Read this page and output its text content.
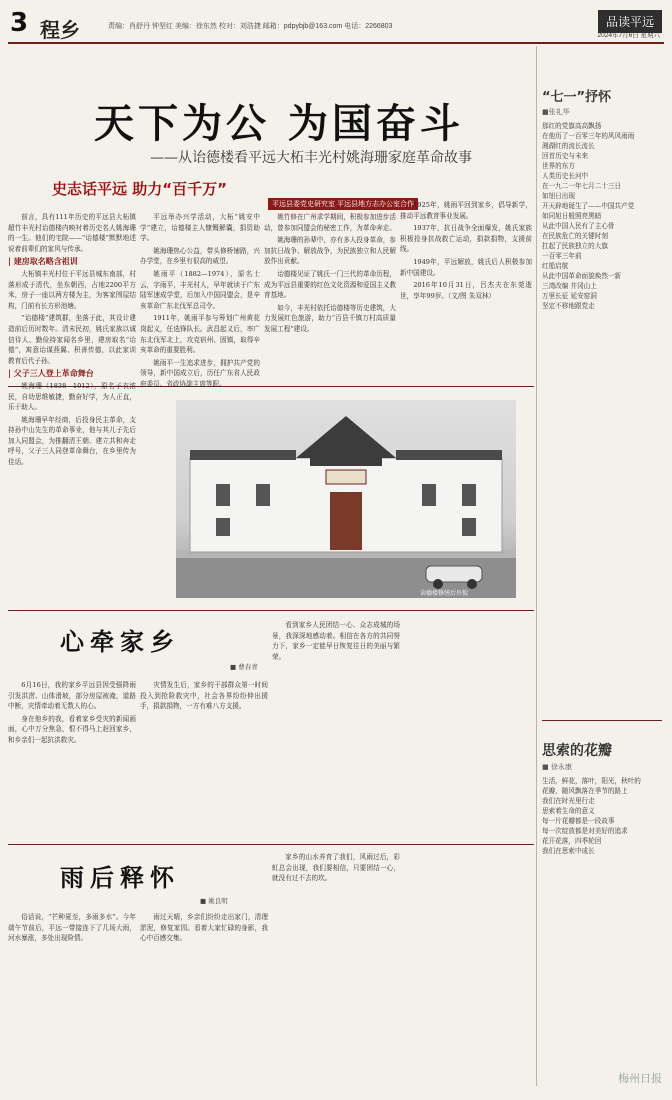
3 程乡	责编：肖舒丹 钟坚红 美编：徐东然 校对：刘浩捷 邮箱：pdpybjb@163.com 电话：2266803	品读平远
2024年7月6日 星期六
天下为公 为国奋斗
——从诒德楼看平远大柘丰光村姚海珊家庭革命故事
史志话平远 助力“百千万”
平远县委党史研究室 平远县地方志办公室合作

前言，具有111年历史的平远县大柘镇超竹丰光村诒德楼内映衬着历史名人姚海珊的一生。他们的宅院——“诒德楼”默默地述说着前辈们的家风与传承。

| 建房取名略含祖训

大柘镇丰光村位于平远县城东南部，村落形成于清代，坐东朝西，占地2200平方米，房子一座以两方楼为主，为客家围屋结构，门前有长方形池塘。

“诒德楼”建筑群，坐落于此，其设计建造前后历时数年。清末民初，姚氏家族以诚信待人、勤俭持家闻名乡里，建房取名“诒德”，寓意诒谋燕翼、积善传德，以此家训教育后代子孙。

| 父子三人登上革命舞台

姚海珊（1838—1912），原名子衣浓民，自幼思维敏捷，勤奋好学，为人正直，乐于助人。

姚海珊早年经商，后投身民主革命，支持孙中山先生的革命事业，他与其儿子先后加入同盟会，为推翻清王朝、建立共和奔走呼号，父子三人同登革命舞台，在乡里传为佳话。

平远举办兴学活动，大柘“姚安中学”建立，诒德楼主人慷慨解囊，捐资助学。

姚海珊热心公益，带头修桥铺路，兴办学堂，在乡里有很高的威望。

姚雨平（1882—1974），原名士云，字雨平，丰光村人，早年就读于广东陆军速成学堂，后加入中国同盟会，是辛亥革命广东北伐军总司令。

1911年，姚雨平参与筹划广州黄花岗起义，任选锋队长。武昌起义后，率广东北伐军北上，攻克宿州、固镇，取得辛亥革命的重要胜利。

姚雨平一生追求进步，拥护共产党的领导，新中国成立后，历任广东省人民政府委员、省政协副主席等职。

姚竹修在广州求学期间，积极参加进步活动，曾参加同盟会的秘密工作，为革命奔走。

姚海珊的孙辈中，亦有多人投身革命，参加抗日战争、解放战争，为民族独立和人民解放作出贡献。

诒德楼见证了姚氏一门三代的革命历程，成为平远县重要的红色文化资源和爱国主义教育基地。

如今，丰光村依托诒德楼等历史建筑，大力发展红色旅游，助力“百县千镇万村高质量发展工程”建设。

1925年，姚雨平回到家乡，倡导新学，推动平远教育事业发展。

1937年，抗日战争全面爆发，姚氏家族积极投身抗战救亡运动，捐款捐物，支援前线。

1949年，平远解放，姚氏后人积极参加新中国建设。

2016年10月31日，吕杰夫在东莞逝世，享年99岁。（文/图 朱双林）

诒德楼修缮后外貌
“七一”抒怀
■张礼华
那红的党旗高高飘扬
在他历了一百零三年的风风雨雨
湘湖红的流长流长
回首历史与未来
世界的东方
人类历史长河中
在一九二一年七月二十三日
如旭日出现
开天辟地诞生了——中国共产党
如同旭日般照亮黑暗
从此中国人民有了主心骨
在民族危亡的关键时刻
扛起了民族独立的大旗
一百零三年前
红船启航
从此中国革命面貌焕然一新
三湾改编 井冈山上
万里长征 延安窑洞
坚定不移地跟党走
心牵家乡
■ 曹春青

6月16日，我的家乡平远县因受强降雨引发洪涝、山体滑坡，部分房屋被淹，道路中断，灾情牵动着无数人的心。

身在他乡的我，看着家乡受灾的新闻画面，心中万分焦急，恨不得马上赶回家乡，和乡亲们一起抗洪救灾。

灾情发生后，家乡的干部群众第一时间投入到抢险救灾中，社会各界纷纷伸出援手，捐款捐物，一方有难八方支援。

看到家乡人民团结一心、众志成城的场景，我深深地感动着。相信在各方的共同努力下，家乡一定能早日恢复往日的美丽与繁荣。

雨后释怀
■ 姚良明

俗话说，“芒种夏至，多雨多水”。今年端午节前后，平远一带接连下了几场大雨，河水暴涨，多处出现险情。

雨过天晴，乡亲们纷纷走出家门，清理淤泥，修复家园。看着大家忙碌的身影，我心中百感交集。

家乡的山水养育了我们，风雨过后，彩虹总会出现，我们要相信，只要团结一心，就没有过不去的坎。

思索的花瓣
■ 徐永康
生活，鲜花，落叶，阳光，秋叶的
花瓣，随风飘落在季节的路上
我们在时光里行走
思索着生命的意义
每一片花瓣都是一段故事
每一次绽放都是对美好的追求
花开花落，四季轮回
我们在思索中成长
梅州日报
